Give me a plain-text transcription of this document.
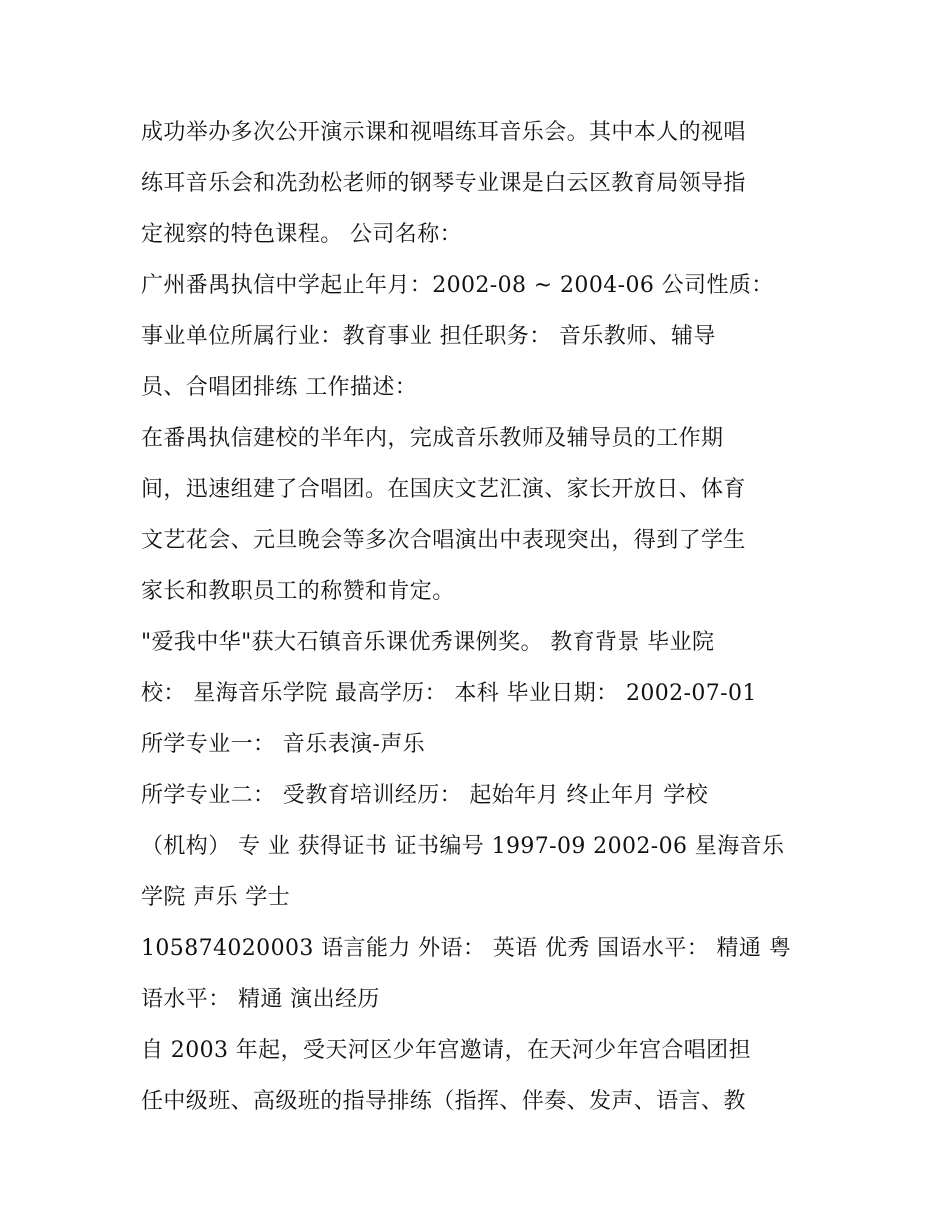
成功举办多次公开演示课和视唱练耳音乐会。其中本人的视唱
练耳音乐会和冼劲松老师的钢琴专业课是白云区教育局领导指
定视察的特色课程。 公司名称：
广州番禺执信中学起止年月：2002-08 ~ 2004-06 公司性质：
事业单位所属行业：教育事业 担任职务： 音乐教师、辅导
员、合唱团排练 工作描述：
在番禺执信建校的半年内，完成音乐教师及辅导员的工作期
间，迅速组建了合唱团。在国庆文艺汇演、家长开放日、体育
文艺花会、元旦晚会等多次合唱演出中表现突出，得到了学生
家长和教职员工的称赞和肯定。
"爱我中华"获大石镇音乐课优秀课例奖。 教育背景 毕业院
校： 星海音乐学院 最高学历： 本科 毕业日期： 2002-07-01
所学专业一： 音乐表演-声乐
所学专业二： 受教育培训经历： 起始年月 终止年月 学校
（机构） 专 业 获得证书 证书编号 1997-09 2002-06 星海音乐
学院 声乐 学士
105874020003 语言能力 外语： 英语 优秀 国语水平： 精通 粤
语水平： 精通 演出经历
自 2003 年起，受天河区少年宫邀请，在天河少年宫合唱团担
任中级班、高级班的指导排练（指挥、伴奏、发声、语言、教
